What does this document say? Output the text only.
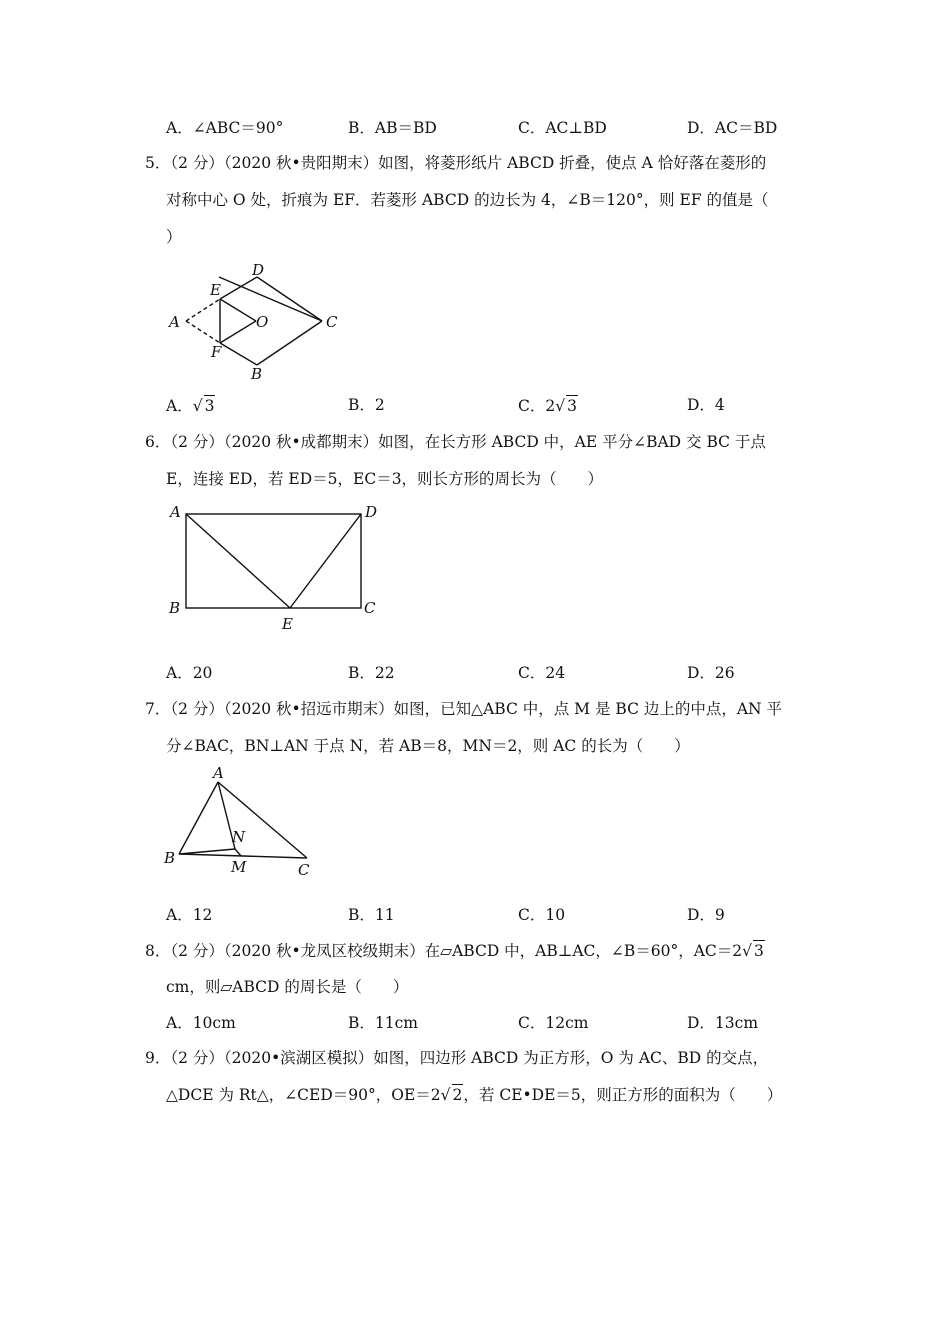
A．∠ABC＝90°	B．AB＝BD	C．AC⊥BD	D．AC＝BD
5．（2 分）（2020 秋•贵阳期末）如图，将菱形纸片 ABCD 折叠，使点 A 恰好落在菱形的
对称中心 O 处，折痕为 EF．若菱形 ABCD 的边长为 4，∠B＝120°，则 EF 的值是（
）
D
E
A	O	C
F
B
A．√ 3	B．2	C．2√ 3	D．4
6．（2 分）（2020 秋•成都期末）如图，在长方形 ABCD 中，AE 平分∠BAD 交 BC 于点
E，连接 ED，若 ED＝5，EC＝3，则长方形的周长为（　　）
A	D
B	C
E
A．20	B．22	C．24	D．26
7．（2 分）（2020 秋•招远市期末）如图，已知△ABC 中，点 M 是 BC 边上的中点，AN 平
分∠BAC，BN⊥AN 于点 N，若 AB＝8，MN＝2，则 AC 的长为（　　）
A
N
B	M	C
A．12	B．11	C．10	D．9
8．（2 分）（2020 秋•龙凤区校级期末）在▱ABCD 中，AB⊥AC，∠B＝60°，AC＝2√ 3
cm，则▱ABCD 的周长是（　　）
A．10cm	B．11cm	C．12cm	D．13cm
9．（2 分）（2020•滨湖区模拟）如图，四边形 ABCD 为正方形，O 为 AC、BD 的交点，
△DCE 为 Rt△，∠CED＝90°，OE＝2√ 2，若 CE•DE＝5，则正方形的面积为（　　）
